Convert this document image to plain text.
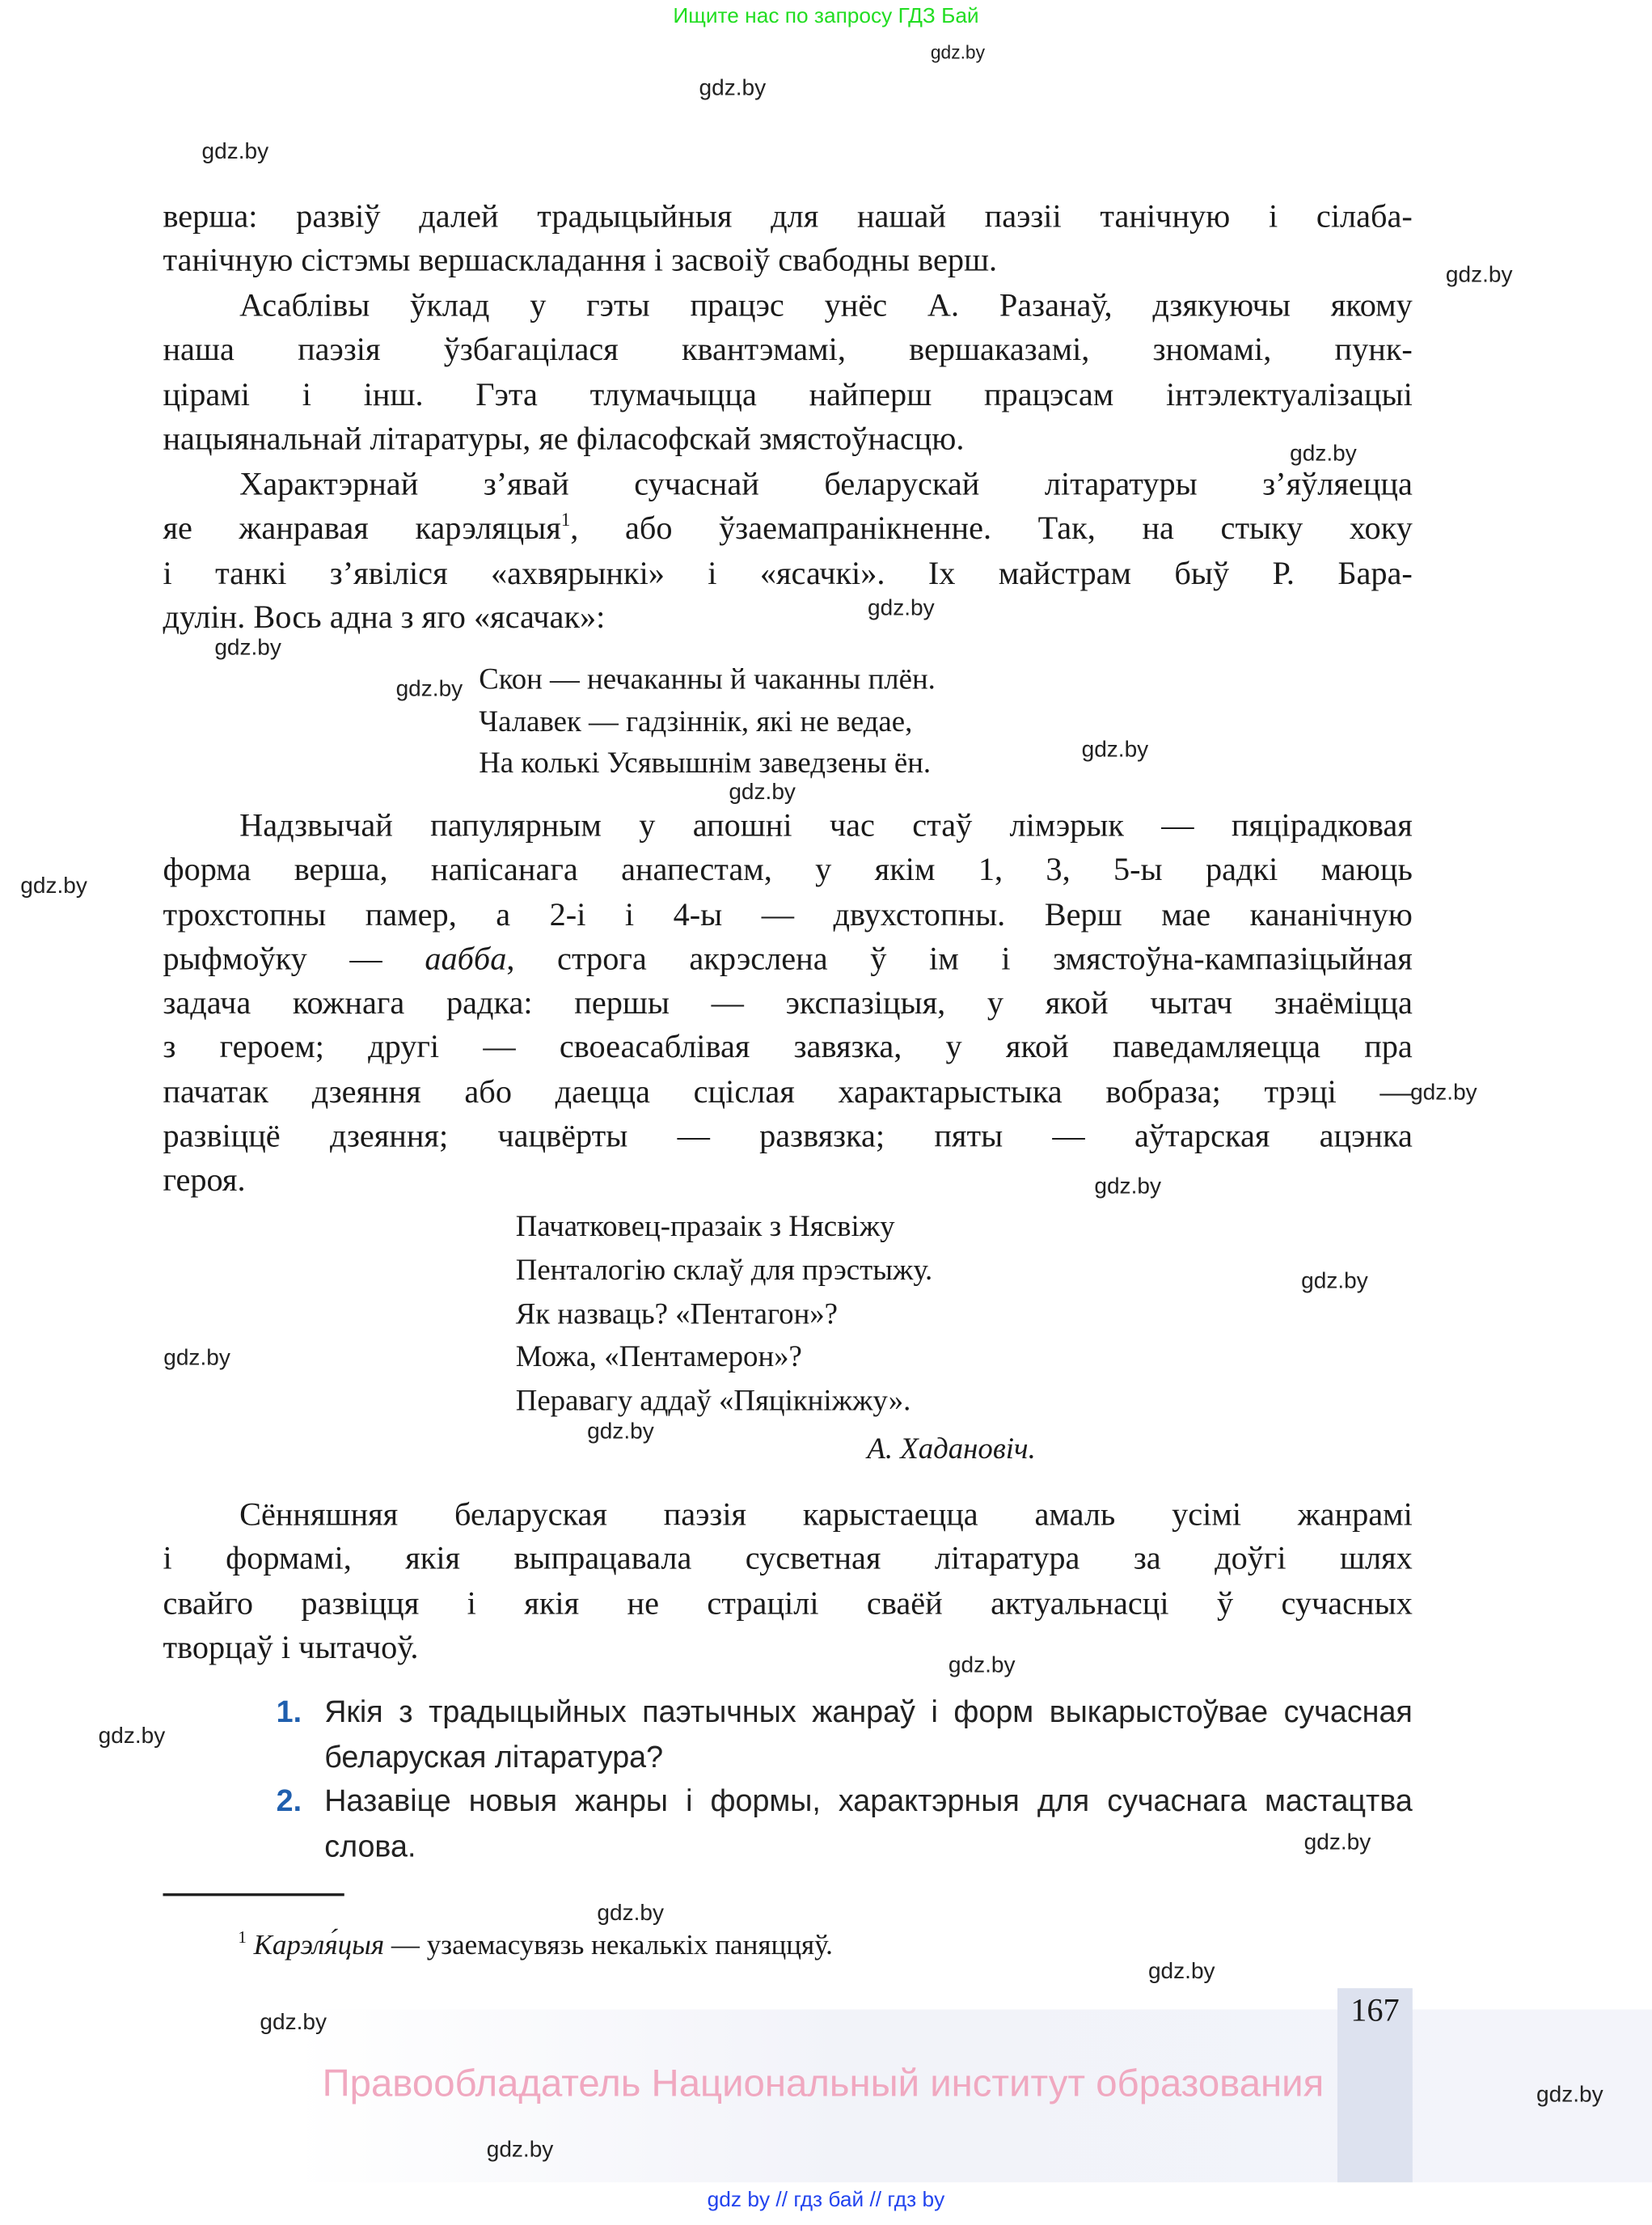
Ищите нас по запросу ГДЗ Бай
верша: развіў далей традыцыйныя для нашай паэзіі танічную і сілаба-
танічную сістэмы вершаскладання і засвоіў свабодны верш.
Асаблівы ўклад у гэты працэс унёс А. Разанаў, дзякуючы якому
наша паэзія ўзбагацілася квантэмамі, вершаказамі, зномамі, пунк-
цірамі і інш. Гэта тлумачыцца найперш працэсам інтэлектуалізацыі
нацыянальнай літаратуры, яе філасофскай змястоўнасцю.
Характэрнай з’явай сучаснай беларускай літаратуры з’яўляецца
яе жанравая карэляцыя$^1$, або ўзаемапранікненне. Так, на стыку хоку
і танкі з’явіліся «ахвярынкі» і «ясачкі». Іх майстрам быў Р. Бара-
дулін. Вось адна з яго «ясачак»:
Скон — нечаканны й чаканны плён.
Чалавек — гадзіннік, які не ведае,
На колькі Усявышнім заведзены ён.
Надзвычай папулярным у апошні час стаў лімэрык — пяцірадковая
форма верша, напісанага анапестам, у якім 1, 3, 5-ы радкі маюць
трохстопны памер, а 2-і і 4-ы — двухстопны. Верш мае кананічную
рыфмоўку — аабба, строга акрэслена ў ім і змястоўна-кампазіцыйная
задача кожнага радка: першы — экспазіцыя, у якой чытач знаёміцца
з героем; другі — своеасаблівая завязка, у якой паведамляецца пра
пачатак дзеяння або даецца сціслая характарыстыка вобраза; трэці —
развіццё дзеяння; чацвёрты — развязка; пяты — аўтарская ацэнка
героя.
Пачатковец-празаік з Нясвіжу
Пенталогію склаў для прэстыжу.
Як назваць? «Пентагон»?
Можа, «Пентамерон»?
Перавагу аддаў «Пяцікніжжу».
А. Хадановіч.
Сённяшняя беларуская паэзія карыстаецца амаль усімі жанрамі
і формамі, якія выпрацавала сусветная літаратура за доўгі шлях
свайго развіцця і якія не страцілі сваёй актуальнасці ў сучасных
творцаў і чытачоў.
Якія з традыцыйных паэтычных жанраў і форм выкарыстоўвае сучасная
1.
беларуская літаратура?
Назавіце новыя жанры і формы, характэрныя для сучаснага мастацтва
2.
слова.
$^1$ Карэля́цыя — узаемасувязь некалькіх паняццяў.
167
Правообладатель Национальный институт образования
gdz by // гдз бай // гдз by
gdz.by
gdz.by
gdz.by
gdz.by
gdz.by
gdz.by
gdz.by
gdz.by
gdz.by
gdz.by
gdz.by
gdz.by
gdz.by
gdz.by
gdz.by
gdz.by
gdz.by
gdz.by
gdz.by
gdz.by
gdz.by
gdz.by
gdz.by
gdz.by
